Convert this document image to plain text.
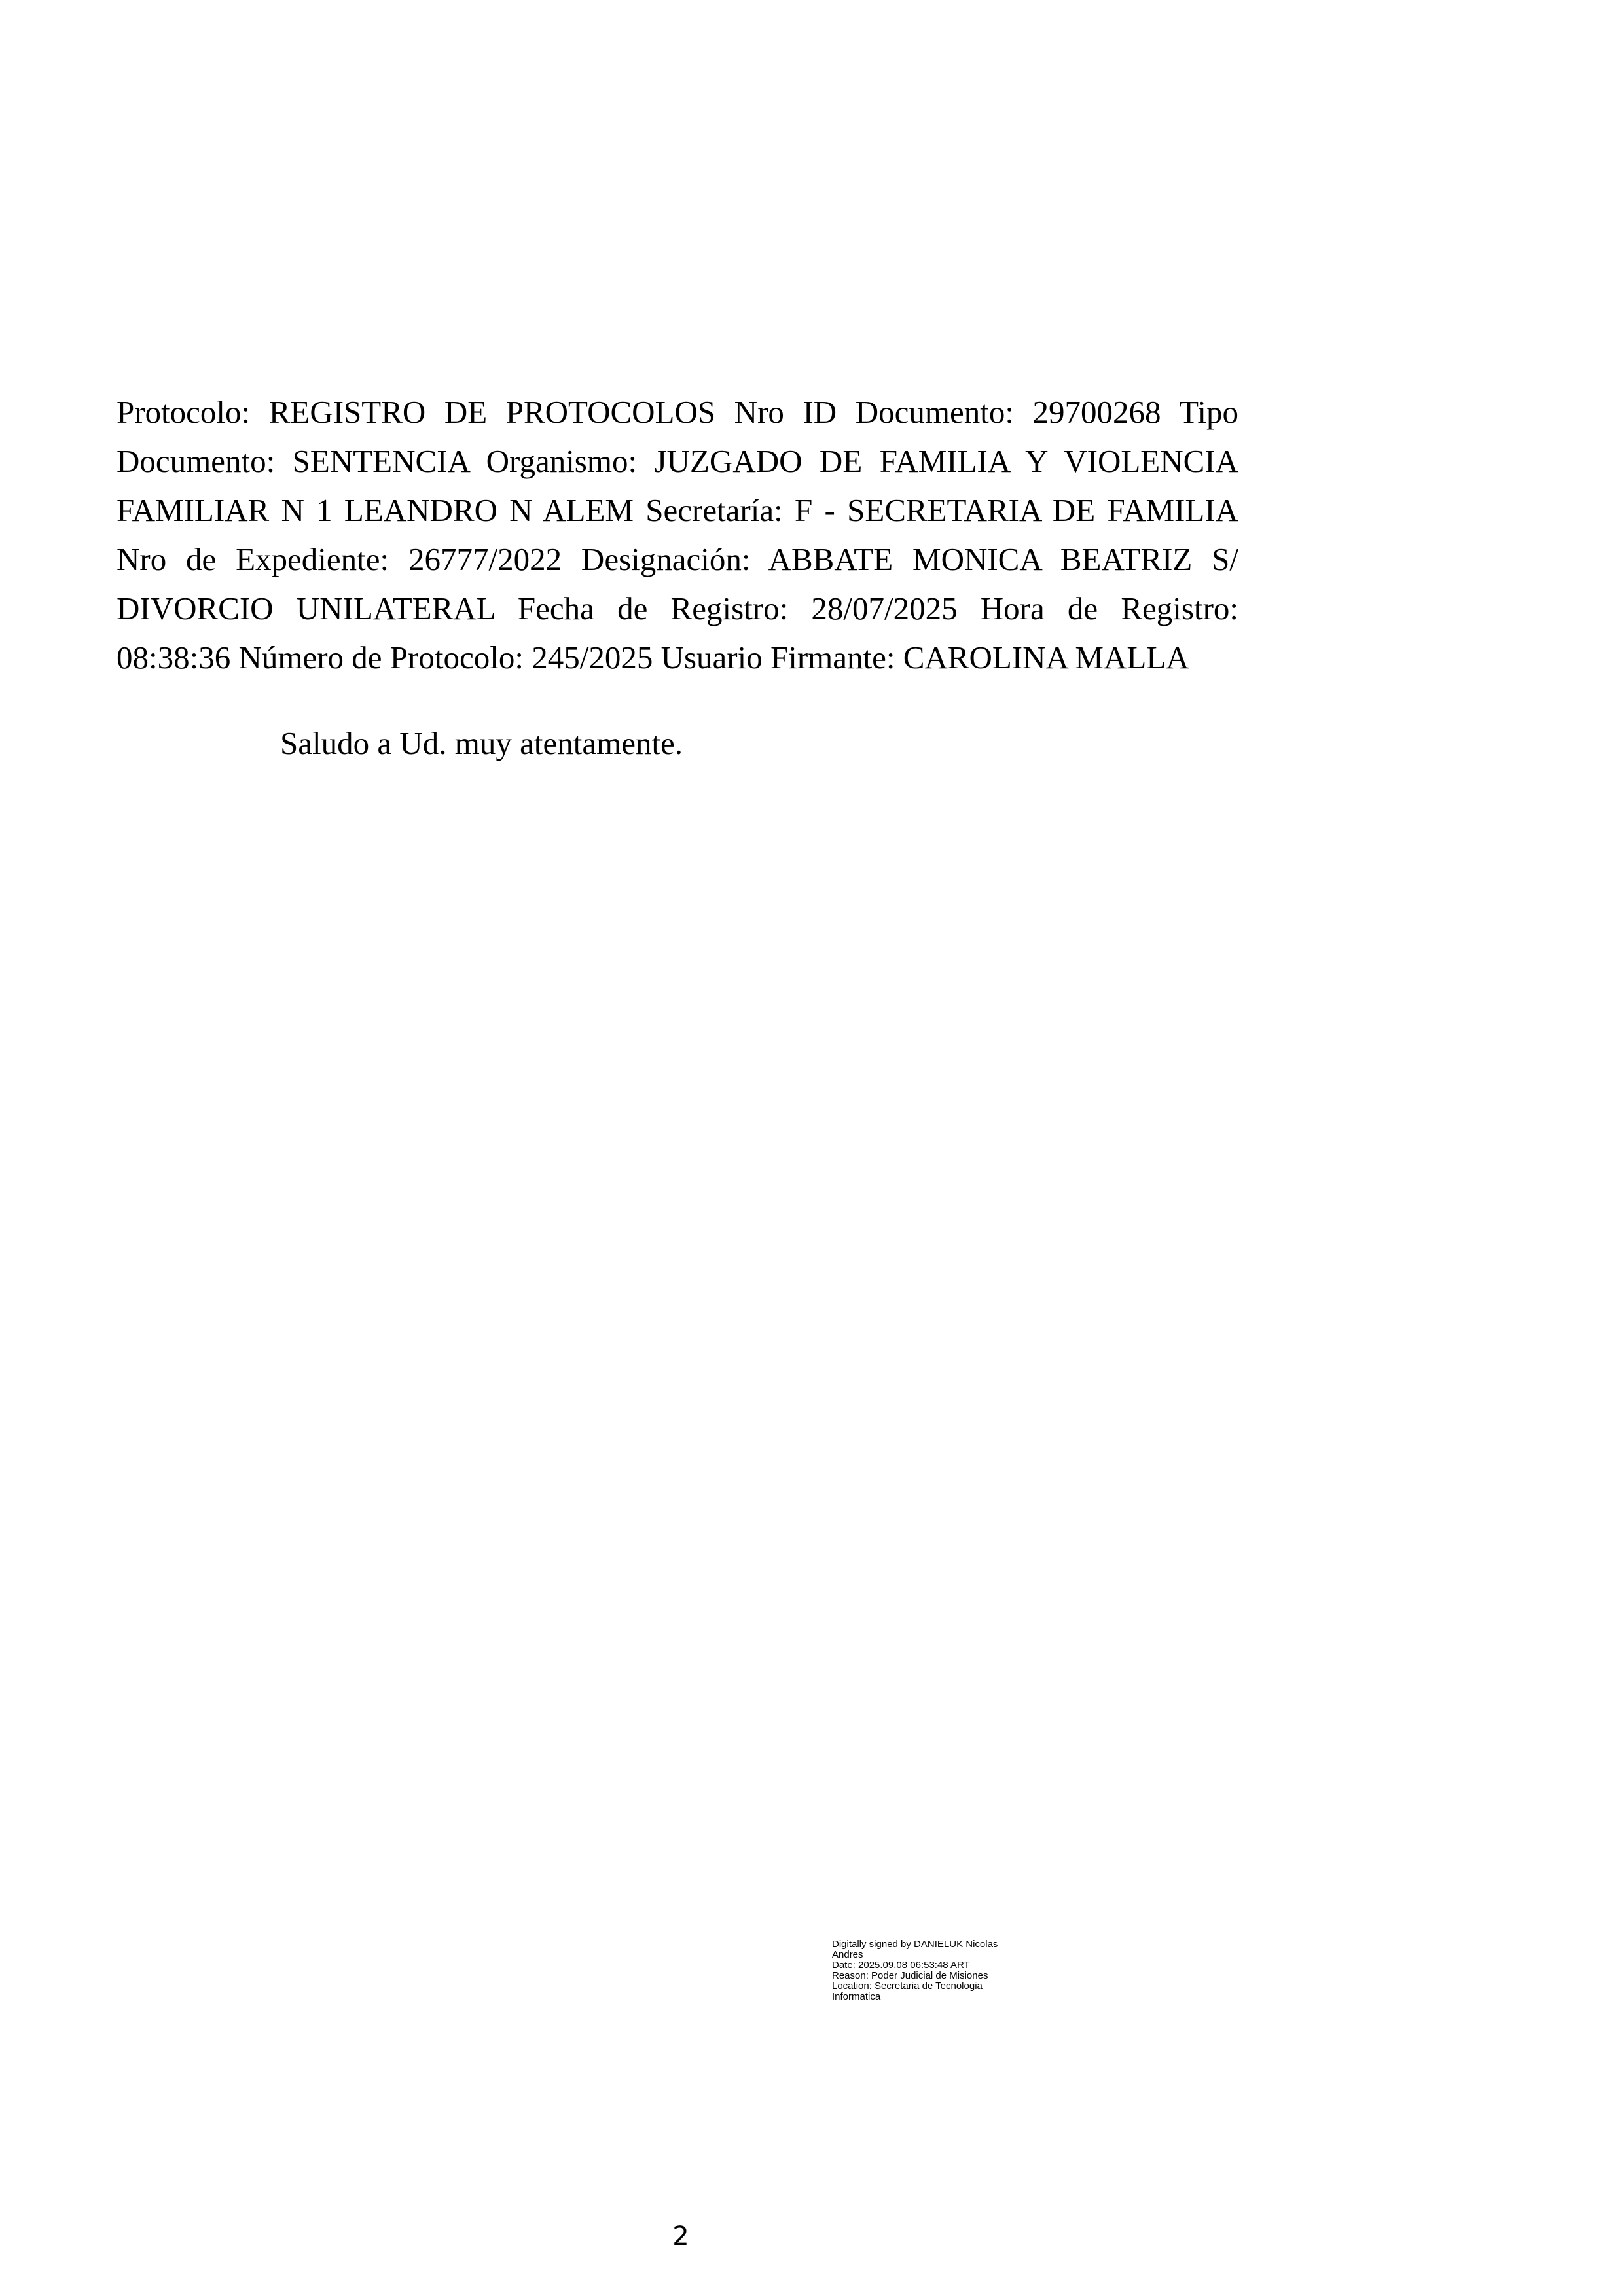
Protocolo: REGISTRO DE PROTOCOLOS Nro ID Documento: 29700268 Tipo Documento: SENTENCIA Organismo: JUZGADO DE FAMILIA Y VIOLENCIA FAMILIAR N 1 LEANDRO N ALEM Secretaría: F - SECRETARIA DE FAMILIA Nro de Expediente: 26777/2022 Designación: ABBATE MONICA BEATRIZ S/ DIVORCIO UNILATERAL Fecha de Registro: 28/07/2025 Hora de Registro: 08:38:36 Número de Protocolo: 245/2025 Usuario Firmante: CAROLINA MALLA

Saludo a Ud. muy atentamente.

Digitally signed by DANIELUK Nicolas
Andres
Date: 2025.09.08 06:53:48 ART
Reason: Poder Judicial de Misiones
Location: Secretaria de Tecnologia
Informatica

2
